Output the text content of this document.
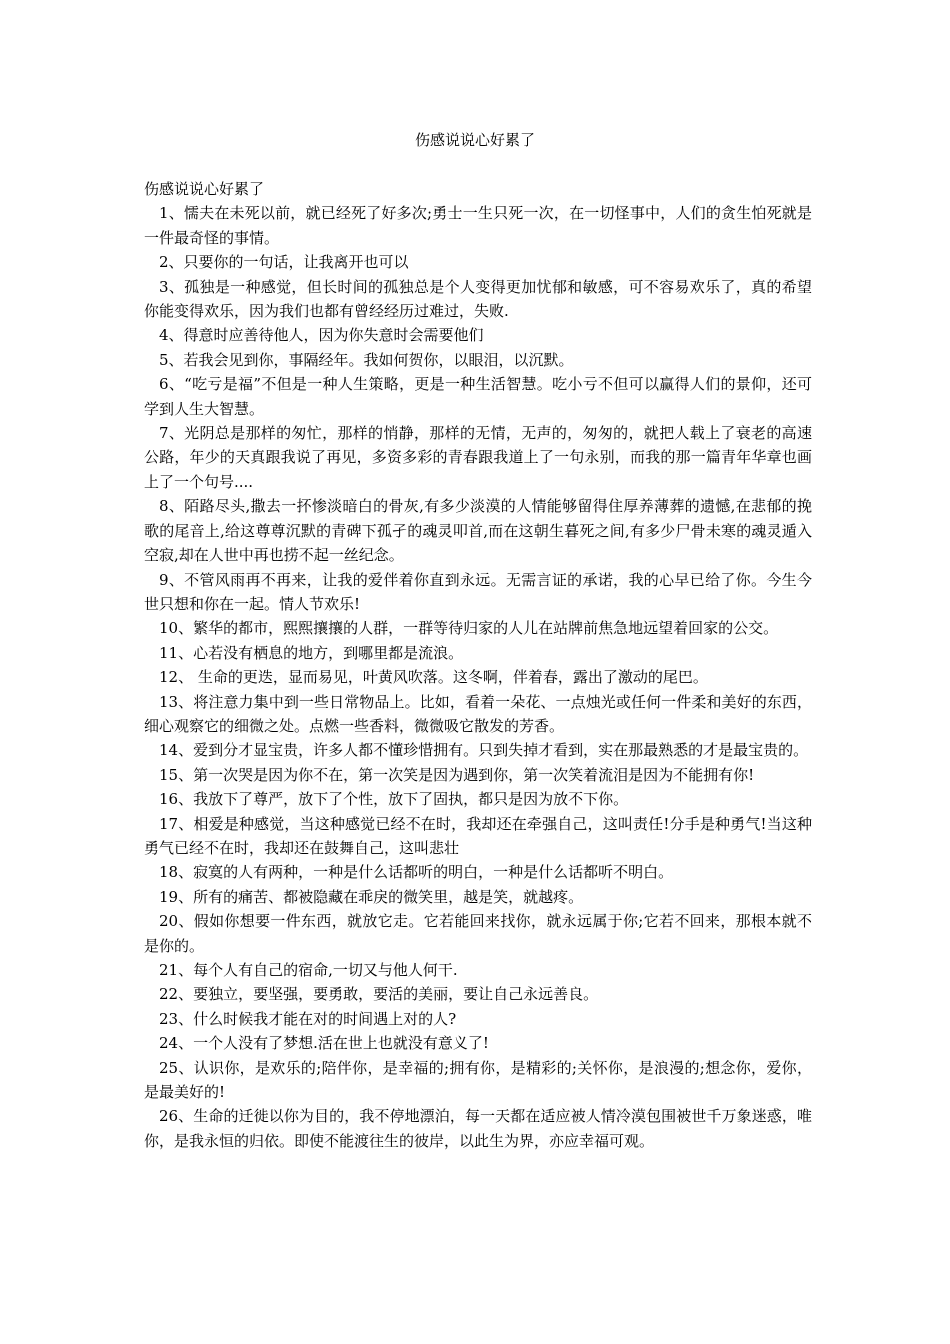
伤感说说心好累了

伤感说说心好累了

1、懦夫在未死以前，就已经死了好多次;勇士一生只死一次，在一切怪事中，人们的贪生怕死就是一件最奇怪的事情。

2、只要你的一句话，让我离开也可以

3、孤独是一种感觉，但长时间的孤独总是个人变得更加忧郁和敏感，可不容易欢乐了，真的希望你能变得欢乐，因为我们也都有曾经经历过难过，失败.

4、得意时应善待他人，因为你失意时会需要他们

5、若我会见到你，事隔经年。我如何贺你，以眼泪，以沉默。

6、“吃亏是福”不但是一种人生策略，更是一种生活智慧。吃小亏不但可以赢得人们的景仰，还可学到人生大智慧。

7、光阴总是那样的匆忙，那样的悄静，那样的无情，无声的，匆匆的，就把人载上了衰老的高速公路，年少的天真跟我说了再见，多资多彩的青春跟我道上了一句永别，而我的那一篇青年华章也画上了一个句号....

8、陌路尽头,撒去一抔惨淡暗白的骨灰,有多少淡漠的人情能够留得住厚养薄葬的遗憾,在悲郁的挽歌的尾音上,给这尊尊沉默的青碑下孤孑的魂灵叩首,而在这朝生暮死之间,有多少尸骨未寒的魂灵遁入空寂,却在人世中再也捞不起一丝纪念。

9、不管风雨再不再来，让我的爱伴着你直到永远。无需言证的承诺，我的心早已给了你。今生今世只想和你在一起。情人节欢乐!

10、繁华的都市，熙熙攘攘的人群，一群等待归家的人儿在站牌前焦急地远望着回家的公交。

11、心若没有栖息的地方，到哪里都是流浪。

12、 生命的更迭，显而易见，叶黄风吹落。这冬啊，伴着春，露出了激动的尾巴。

13、将注意力集中到一些日常物品上。比如，看着一朵花、一点烛光或任何一件柔和美好的东西，细心观察它的细微之处。点燃一些香料，微微吸它散发的芳香。

14、爱到分才显宝贵，许多人都不懂珍惜拥有。只到失掉才看到，实在那最熟悉的才是最宝贵的。

15、第一次哭是因为你不在，第一次笑是因为遇到你，第一次笑着流泪是因为不能拥有你!

16、我放下了尊严，放下了个性，放下了固执，都只是因为放不下你。

17、相爱是种感觉，当这种感觉已经不在时，我却还在牵强自己，这叫责任!分手是种勇气!当这种勇气已经不在时，我却还在鼓舞自己，这叫悲壮

18、寂寞的人有两种，一种是什么话都听的明白，一种是什么话都听不明白。

19、所有的痛苦、都被隐藏在乖戾的微笑里，越是笑，就越疼。

20、假如你想要一件东西，就放它走。它若能回来找你，就永远属于你;它若不回来，那根本就不是你的。

21、每个人有自己的宿命,一切又与他人何干.

22、要独立，要坚强，要勇敢，要活的美丽，要让自己永远善良。

23、什么时候我才能在对的时间遇上对的人?

24、一个人没有了梦想.活在世上也就没有意义了!

25、认识你，是欢乐的;陪伴你，是幸福的;拥有你，是精彩的;关怀你，是浪漫的;想念你，爱你，是最美好的!

26、生命的迁徙以你为目的，我不停地漂泊，每一天都在适应被人情冷漠包围被世千万象迷惑，唯你，是我永恒的归依。即使不能渡往生的彼岸，以此生为界，亦应幸福可观。
